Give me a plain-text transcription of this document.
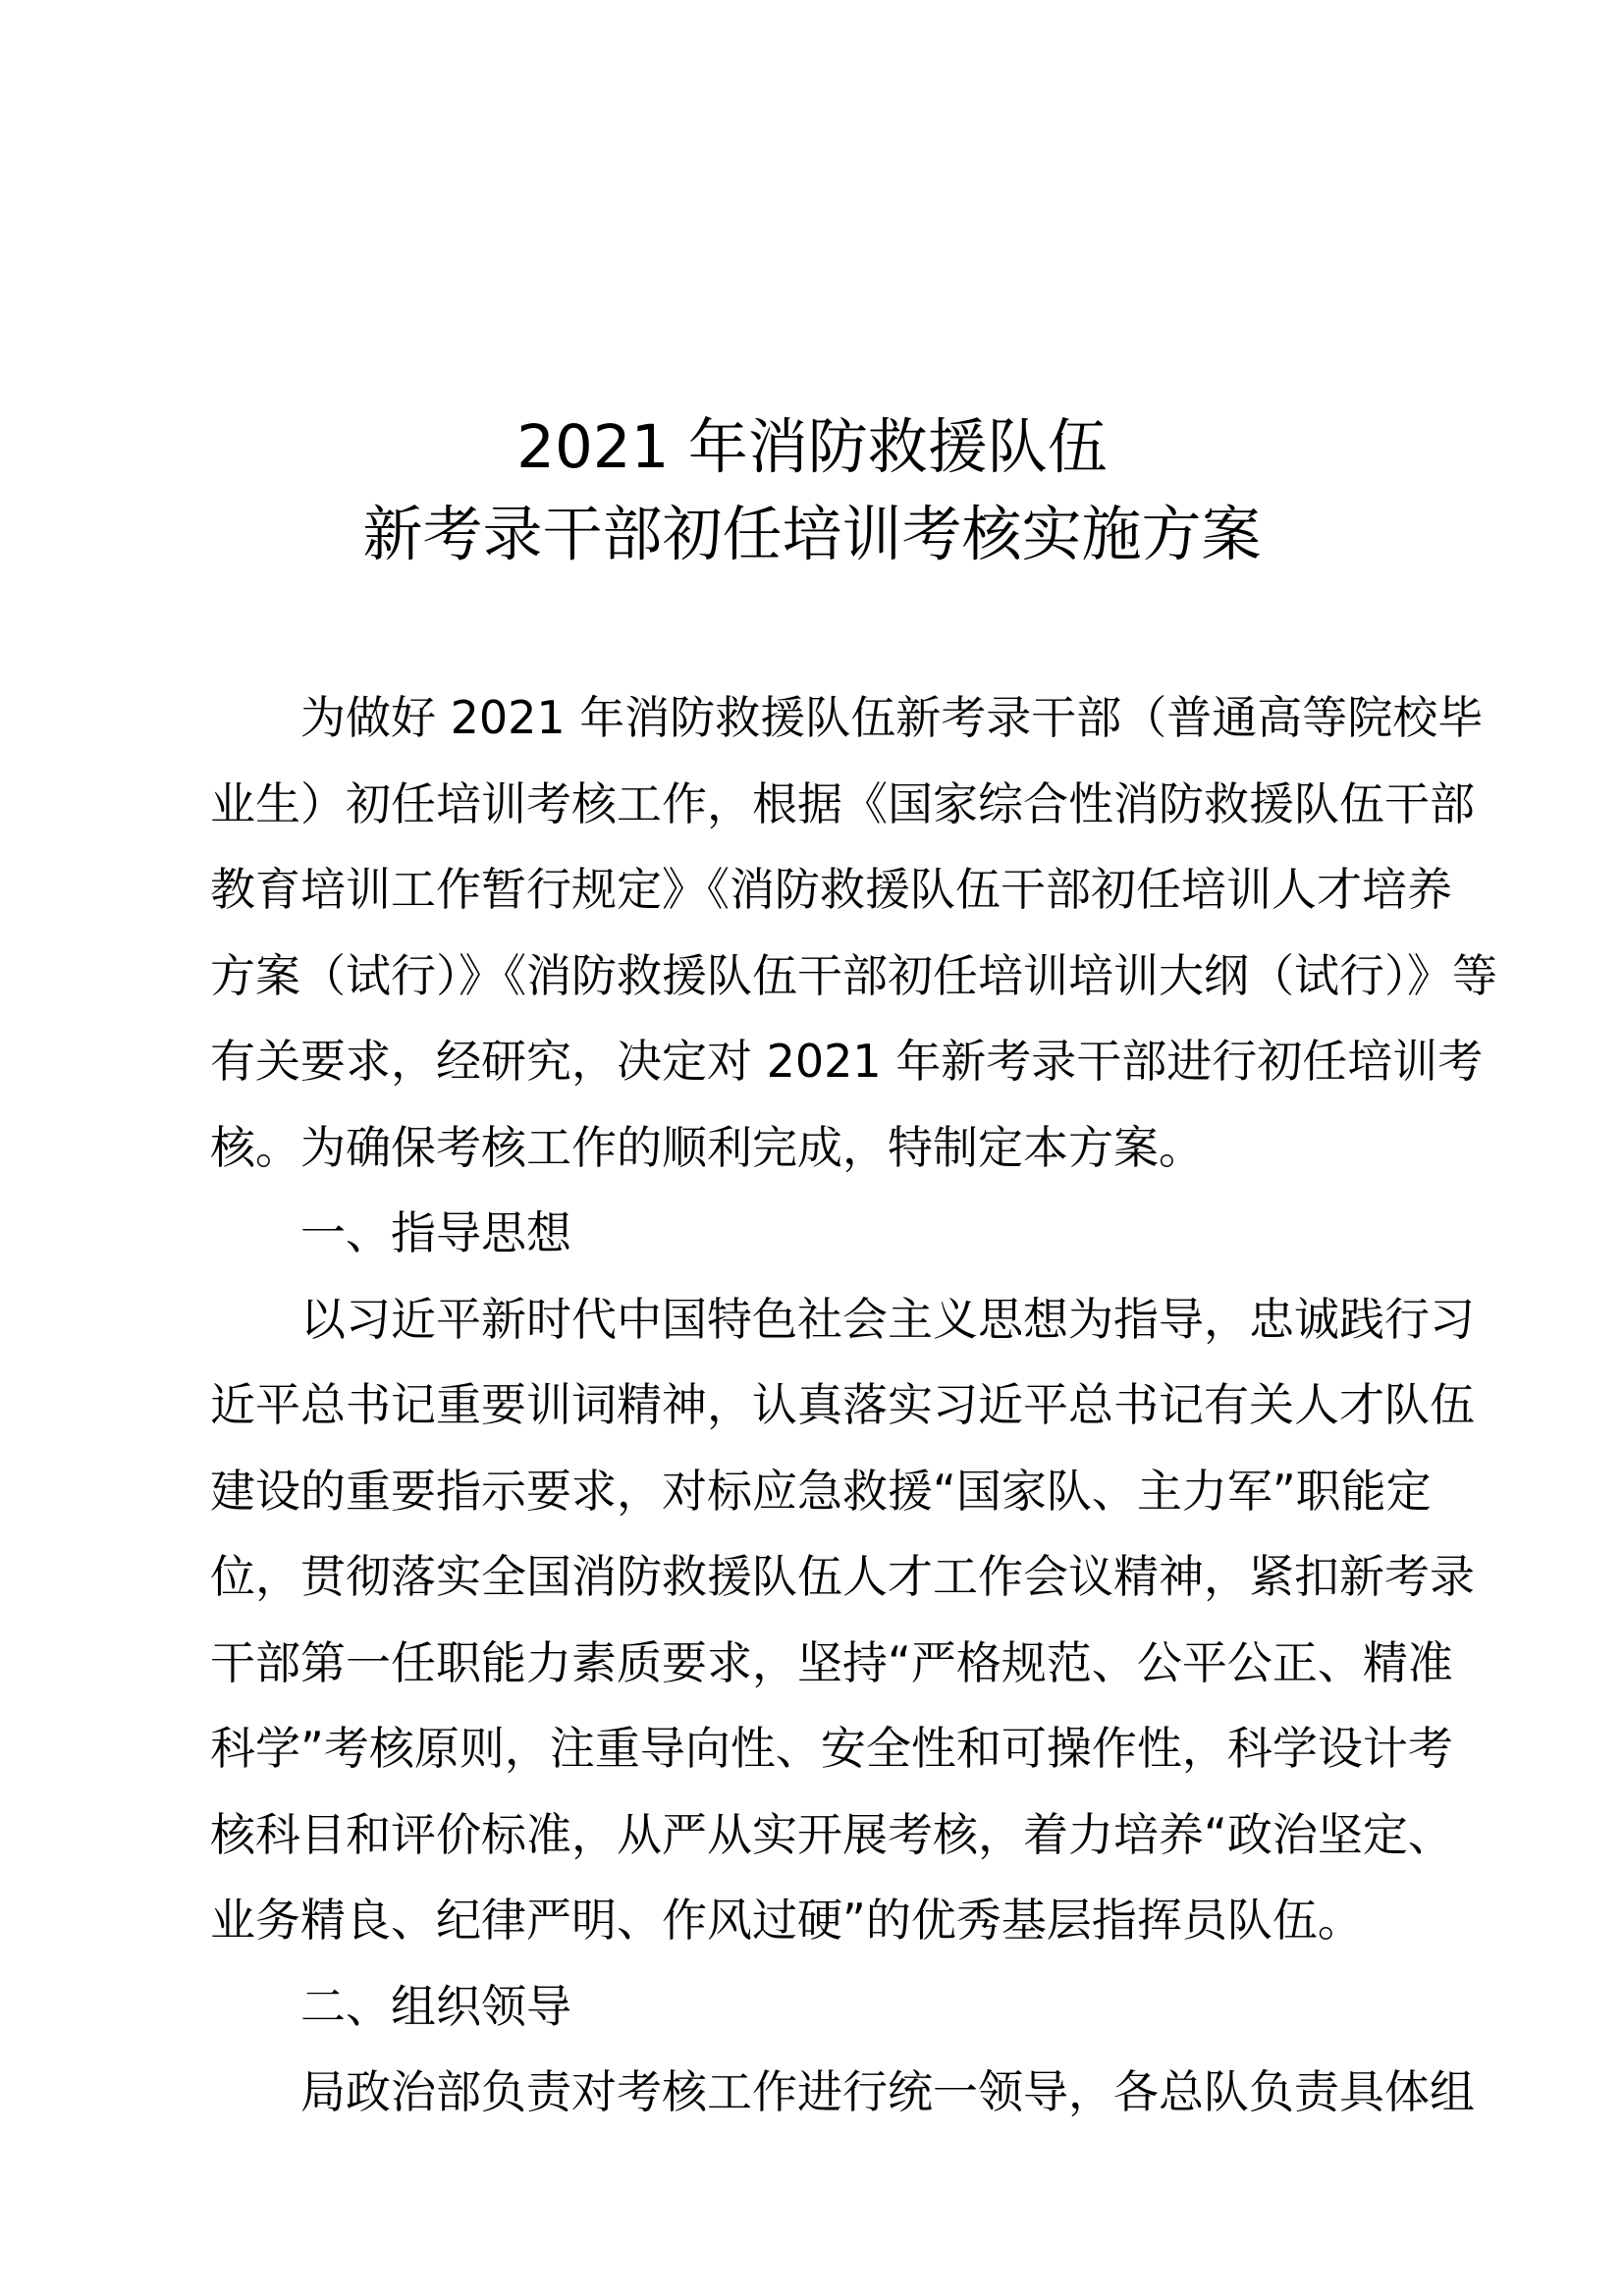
2021 年消防救援队伍
新考录干部初任培训考核实施方案
为做好 2021 年消防救援队伍新考录干部（普通高等院校毕
业生）初任培训考核工作，根据《国家综合性消防救援队伍干部
教育培训工作暂行规定》《消防救援队伍干部初任培训人才培养
方案（试行）》《消防救援队伍干部初任培训培训大纲（试行）》等
有关要求，经研究，决定对 2021 年新考录干部进行初任培训考
核。为确保考核工作的顺利完成，特制定本方案。
一、指导思想
以习近平新时代中国特色社会主义思想为指导，忠诚践行习
近平总书记重要训词精神，认真落实习近平总书记有关人才队伍
建设的重要指示要求，对标应急救援“国家队、主力军”职能定
位，贯彻落实全国消防救援队伍人才工作会议精神，紧扣新考录
干部第一任职能力素质要求，坚持“严格规范、公平公正、精准
科学”考核原则，注重导向性、安全性和可操作性，科学设计考
核科目和评价标准，从严从实开展考核，着力培养“政治坚定、
业务精良、纪律严明、作风过硬”的优秀基层指挥员队伍。
二、组织领导
局政治部负责对考核工作进行统一领导，各总队负责具体组
